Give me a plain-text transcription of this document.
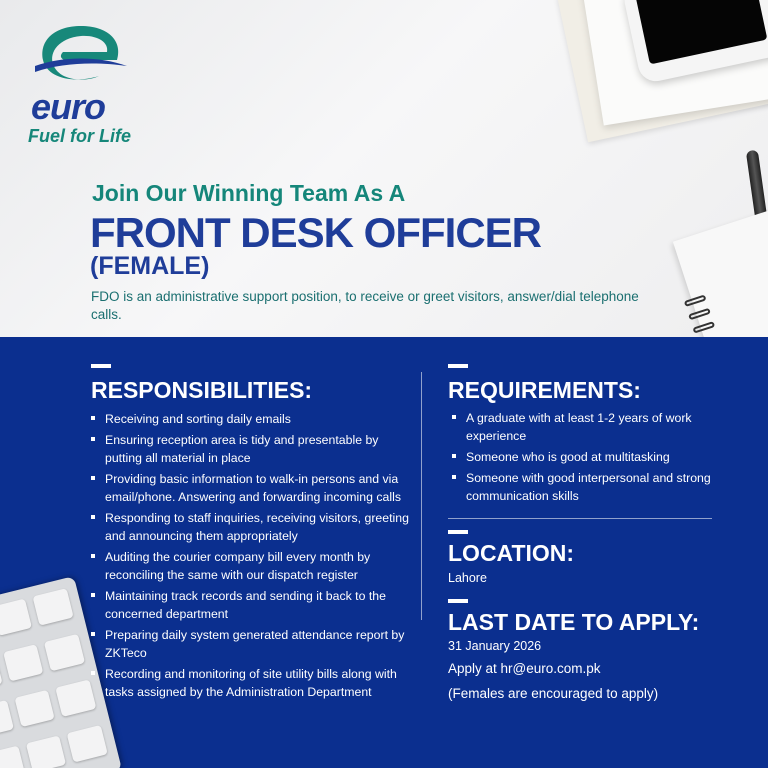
euro
Fuel for Life
Join Our Winning Team As A
FRONT DESK OFFICER
(FEMALE)
FDO is an administrative support position, to receive or greet visitors, answer/dial telephone calls.
RESPONSIBILITIES:
Receiving and sorting daily emails
Ensuring reception area is tidy and presentable by putting all material in place
Providing basic information to walk-in persons and via email/phone. Answering and forwarding incoming calls
Responding to staff inquiries, receiving visitors, greeting and announcing them appropriately
Auditing the courier company bill every month by reconciling the same with our dispatch register
Maintaining track records and sending it back to the concerned department
Preparing daily system generated attendance report by ZKTeco
Recording and monitoring of site utility bills along with tasks assigned by the Administration Department
REQUIREMENTS:
A graduate with at least 1-2 years of work experience
Someone who is good at multitasking
Someone with good interpersonal and strong communication skills
LOCATION:
Lahore
LAST DATE TO APPLY:
31 January 2026
Apply at hr@euro.com.pk
(Females are encouraged to apply)
